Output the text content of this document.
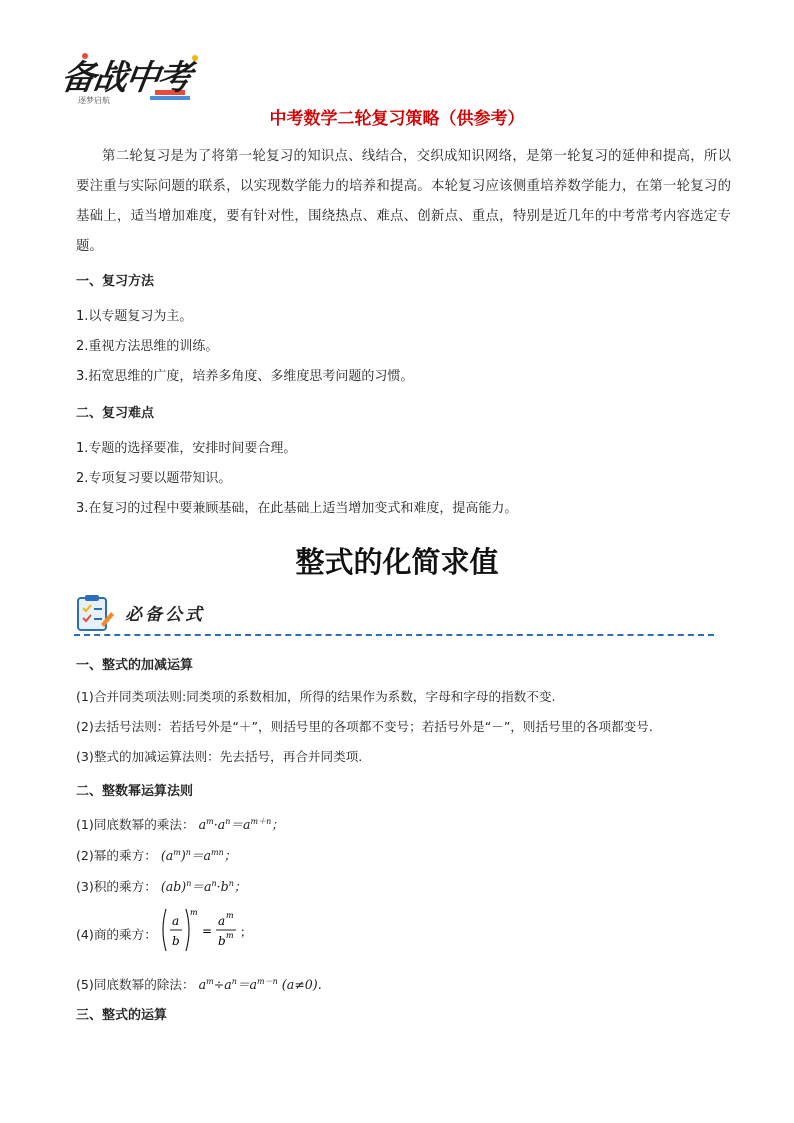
备战中考
逐梦启航
中考数学二轮复习策略（供参考）
第二轮复习是为了将第一轮复习的知识点、线结合，交织成知识网络，是第一轮复习的延伸和提高，所以要注重与实际问题的联系，以实现数学能力的培养和提高。本轮复习应该侧重培养数学能力，在第一轮复习的基础上，适当增加难度，要有针对性，围绕热点、难点、创新点、重点，特别是近几年的中考常考内容选定专题。
一、复习方法
1.以专题复习为主。
2.重视方法思维的训练。
3.拓宽思维的广度，培养多角度、多维度思考问题的习惯。
二、复习难点
1.专题的选择要准，安排时间要合理。
2.专项复习要以题带知识。
3.在复习的过程中要兼顾基础，在此基础上适当增加变式和难度，提高能力。
整式的化简求值
必备公式
一、整式的加减运算
(1)合并同类项法则:同类项的系数相加，所得的结果作为系数，字母和字母的指数不变.
(2)去括号法则：若括号外是“＋”，则括号里的各项都不变号；若括号外是“－”，则括号里的各项都变号.
(3)整式的加减运算法则：先去括号，再合并同类项.
二、整数幂运算法则
(1)同底数幂的乘法： $a^m\cdot a^n=a^{m+n}$；
(2)幂的乘方： $(a^m)^n=a^{mn}$；
(3)积的乘方： $(ab)^n=a^n\cdot b^n$；
(4)商的乘方：
a
b
m
=
a m
b m ；
(5)同底数幂的除法： $a^m\div a^n=a^{m-n}$ (a≠0).
三、整式的运算
